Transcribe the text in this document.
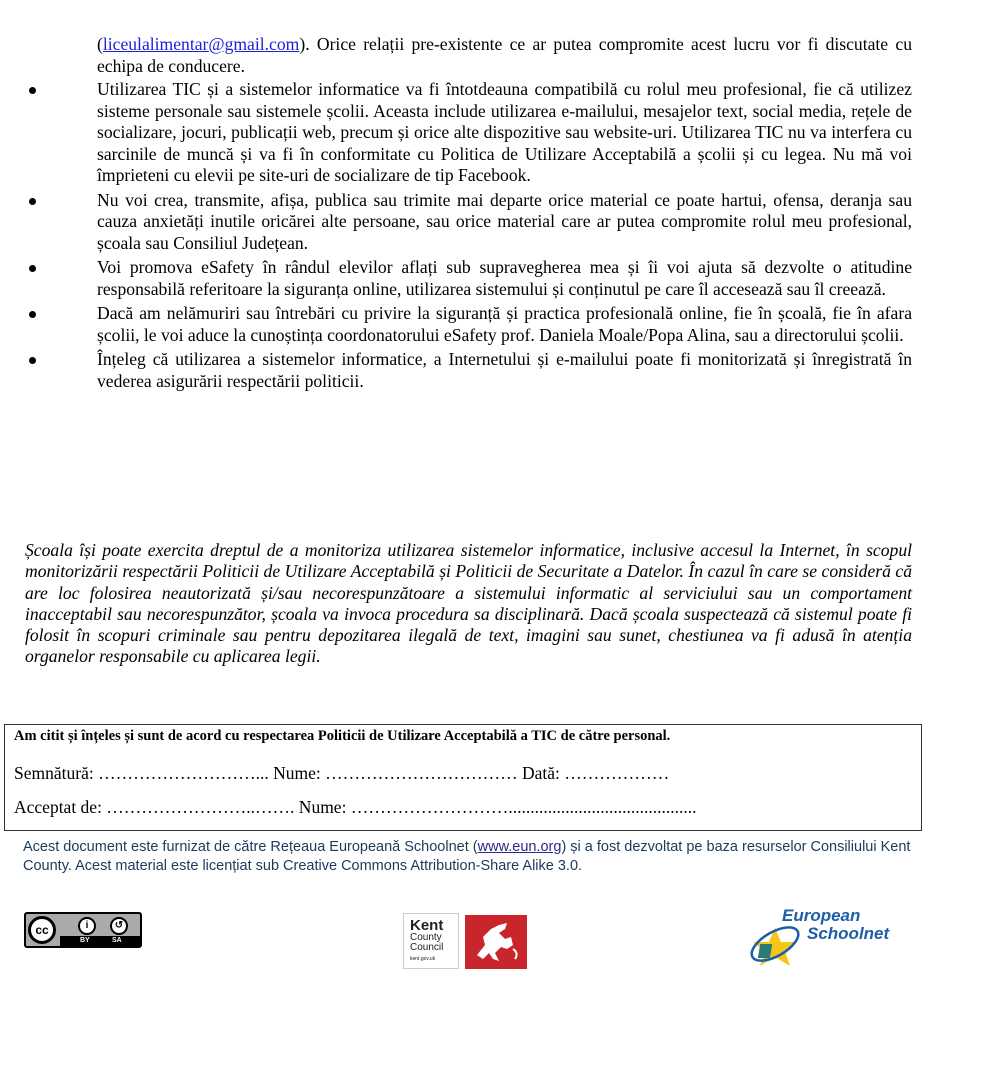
(liceulalimentar@gmail.com). Orice relații pre-existente ce ar putea compromite acest lucru vor fi discutate cu echipa de conducere.
Utilizarea TIC și a sistemelor informatice va fi întotdeauna compatibilă cu rolul meu profesional, fie că utilizez sisteme personale sau sistemele școlii. Aceasta include utilizarea e-mailului, mesajelor text, social media, rețele de socializare, jocuri, publicații web, precum și orice alte dispozitive sau website-uri. Utilizarea TIC nu va interfera cu sarcinile de muncă și va fi în conformitate cu Politica de Utilizare Acceptabilă a școlii și cu legea. Nu mă voi împrieteni cu elevii pe site-uri de socializare de tip Facebook.
Nu voi crea, transmite, afișa, publica sau trimite mai departe orice material ce poate hartui, ofensa, deranja sau cauza anxietăți inutile oricărei alte persoane, sau orice material care ar putea compromite rolul meu profesional, școala sau Consiliul Județean.
Voi promova eSafety în rândul elevilor aflați sub supravegherea mea și îi voi ajuta să dezvolte o atitudine responsabilă referitoare la siguranța online, utilizarea sistemului și conținutul pe care îl accesează sau îl creează.
Dacă am nelămuriri sau întrebări cu privire la siguranță și practica profesională online, fie în școală, fie în afara școlii, le voi aduce la cunoștința coordonatorului eSafety prof. Daniela Moale/Popa Alina, sau a directorului școlii.
Înțeleg că utilizarea a sistemelor informatice, a Internetului și e-mailului poate fi monitorizată și înregistrată în vederea asigurării respectării politicii.
Școala își poate exercita dreptul de a monitoriza utilizarea sistemelor informatice, inclusive accesul la Internet, în scopul monitorizării respectării Politicii de Utilizare Acceptabilă și Politicii de Securitate a Datelor. În cazul în care se consideră că are loc folosirea neautorizată și/sau necorespunzătoare a sistemului informatic al serviciului sau un comportament inacceptabil sau necorespunzător, școala va invoca procedura sa disciplinară. Dacă școala suspectează că sistemul poate fi folosit în scopuri criminale sau pentru depozitarea ilegală de text, imagini sau sunet, chestiunea va fi adusă în atenția organelor responsabile cu aplicarea legii.
Am citit și înțeles și sunt de acord cu respectarea Politicii de Utilizare Acceptabilă a TIC de către personal.
Semnătură: ………………………... Nume: …………………………… Dată: ………………
Acceptat de: ……………………..……. Nume: ………………………...........................................
Acest document este furnizat de către Rețeaua Europeană Schoolnet (www.eun.org) și a fost dezvoltat pe baza resurselor Consiliului Kent County. Acest material este licențiat sub Creative Commons Attribution-Share Alike 3.0.
cc	i	↺
BY	SA
Kent
County
Council
kent.gov.uk
European
Schoolnet
